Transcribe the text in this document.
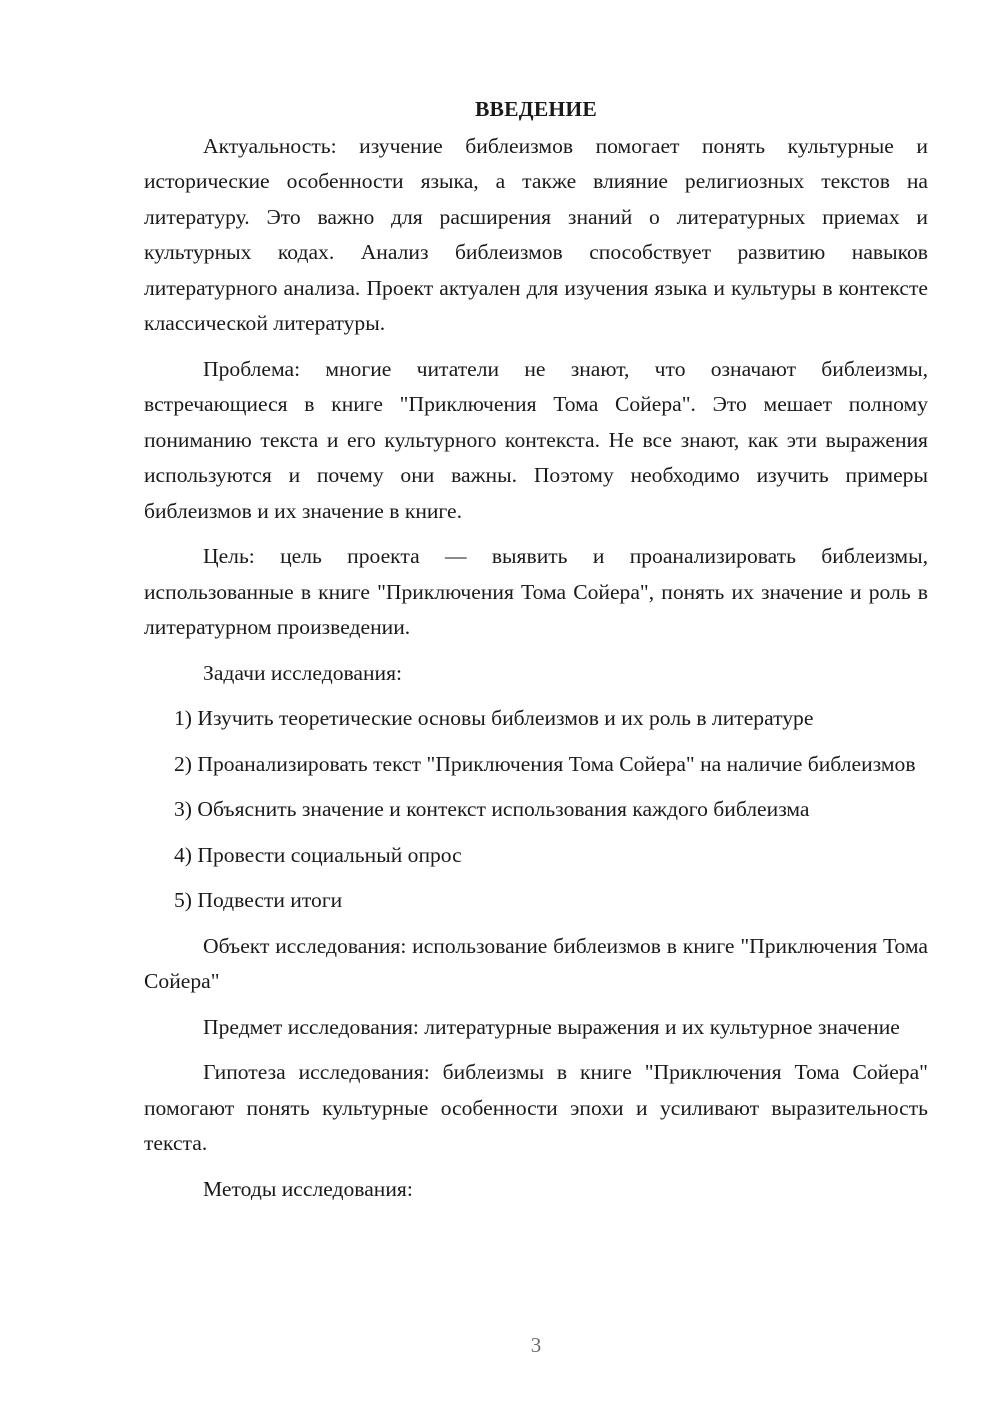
ВВЕДЕНИЕ

Актуальность: изучение библеизмов помогает понять культурные и исторические особенности языка, а также влияние религиозных текстов на литературу. Это важно для расширения знаний о литературных приемах и культурных кодах. Анализ библеизмов способствует развитию навыков литературного анализа. Проект актуален для изучения языка и культуры в контексте классической литературы.

Проблема: многие читатели не знают, что означают библеизмы, встречающиеся в книге "Приключения Тома Сойера". Это мешает полному пониманию текста и его культурного контекста. Не все знают, как эти выражения используются и почему они важны. Поэтому необходимо изучить примеры библеизмов и их значение в книге.

Цель: цель проекта — выявить и проанализировать библеизмы, использованные в книге "Приключения Тома Сойера", понять их значение и роль в литературном произведении.

Задачи исследования:

1) Изучить теоретические основы библеизмов и их роль в литературе

2) Проанализировать текст "Приключения Тома Сойера" на наличие библеизмов

3) Объяснить значение и контекст использования каждого библеизма

4) Провести социальный опрос

5) Подвести итоги

Объект исследования: использование библеизмов в книге "Приключения Тома Сойера"

Предмет исследования: литературные выражения и их культурное значение

Гипотеза исследования: библеизмы в книге "Приключения Тома Сойера" помогают понять культурные особенности эпохи и усиливают выразительность текста.

Методы исследования:

3
